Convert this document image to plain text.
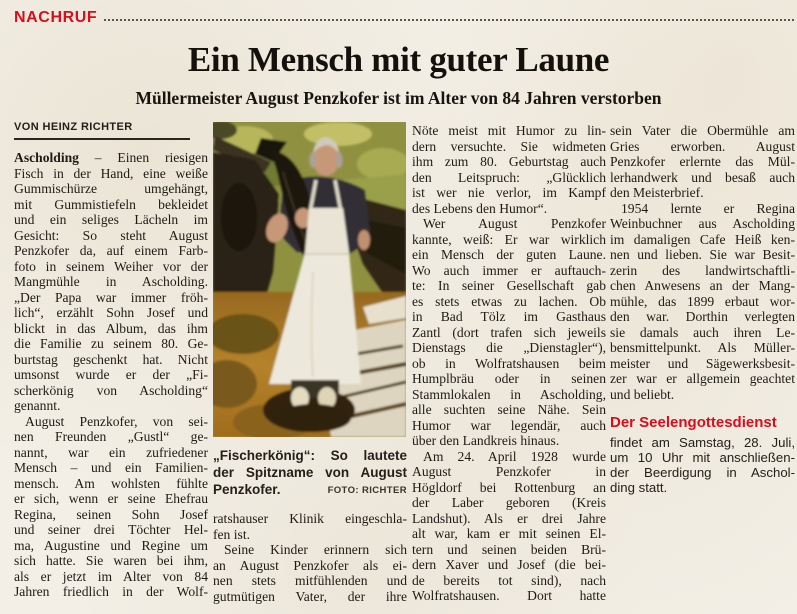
NACHRUF
Ein Mensch mit guter Laune
Müllermeister August Penzkofer ist im Alter von 84 Jahren verstorben
VON HEINZ RICHTER
Ascholding – Einen riesigen
Fisch in der Hand, eine weiße
Gummischürze umgehängt,
mit Gummistiefeln bekleidet
und ein seliges Lächeln im
Gesicht: So steht August
Penzkofer da, auf einem Farb-
foto in seinem Weiher vor der
Mangmühle in Ascholding.
„Der Papa war immer fröh-
lich“, erzählt Sohn Josef und
blickt in das Album, das ihm
die Familie zu seinem 80. Ge-
burtstag geschenkt hat. Nicht
umsonst wurde er der „Fi-
scherkönig von Ascholding“
genannt.
August Penzkofer, von sei-
nen Freunden „Gustl“ ge-
nannt, war ein zufriedener
Mensch – und ein Familien-
mensch. Am wohlsten fühlte
er sich, wenn er seine Ehefrau
Regina, seinen Sohn Josef
und seiner drei Töchter Hel-
ma, Augustine und Regine um
sich hatte. Sie waren bei ihm,
als er jetzt im Alter von 84
Jahren friedlich in der Wolf-
„Fischerkönig“: So lautete
der Spitzname von August
Penzkofer.	FOTO: RICHTER
ratshauser Klinik eingeschla-
fen ist.
Seine Kinder erinnern sich
an August Penzkofer als ei-
nen stets mitfühlenden und
gutmütigen Vater, der ihre
Nöte meist mit Humor zu lin-
dern versuchte. Sie widmeten
ihm zum 80. Geburtstag auch
den Leitspruch: „Glücklich
ist wer nie verlor, im Kampf
des Lebens den Humor“.
Wer August Penzkofer
kannte, weiß: Er war wirklich
ein Mensch der guten Laune.
Wo auch immer er auftauch-
te: In seiner Gesellschaft gab
es stets etwas zu lachen. Ob
in Bad Tölz im Gasthaus
Zantl (dort trafen sich jeweils
Dienstags die „Dienstagler“),
ob in Wolfratshausen beim
Humplbräu oder in seinen
Stammlokalen in Ascholding,
alle suchten seine Nähe. Sein
Humor war legendär, auch
über den Landkreis hinaus.
Am 24. April 1928 wurde
August Penzkofer in
Högldorf bei Rottenburg an
der Laber geboren (Kreis
Landshut). Als er drei Jahre
alt war, kam er mit seinen El-
tern und seinen beiden Brü-
dern Xaver und Josef (die bei-
de bereits tot sind), nach
Wolfratshausen. Dort hatte
sein Vater die Obermühle am
Gries erworben. August
Penzkofer erlernte das Mül-
lerhandwerk und besaß auch
den Meisterbrief.
1954 lernte er Regina
Weinbuchner aus Ascholding
im damaligen Cafe Heiß ken-
nen und lieben. Sie war Besit-
zerin des landwirtschaftli-
chen Anwesens an der Mang-
mühle, das 1899 erbaut wor-
den war. Dorthin verlegten
sie damals auch ihren Le-
bensmittelpunkt. Als Müller-
meister und Sägewerksbesit-
zer war er allgemein geachtet
und beliebt.
Der Seelengottesdienst
findet am Samstag, 28. Juli,
um 10 Uhr mit anschließen-
der Beerdigung in Aschol-
ding statt.
